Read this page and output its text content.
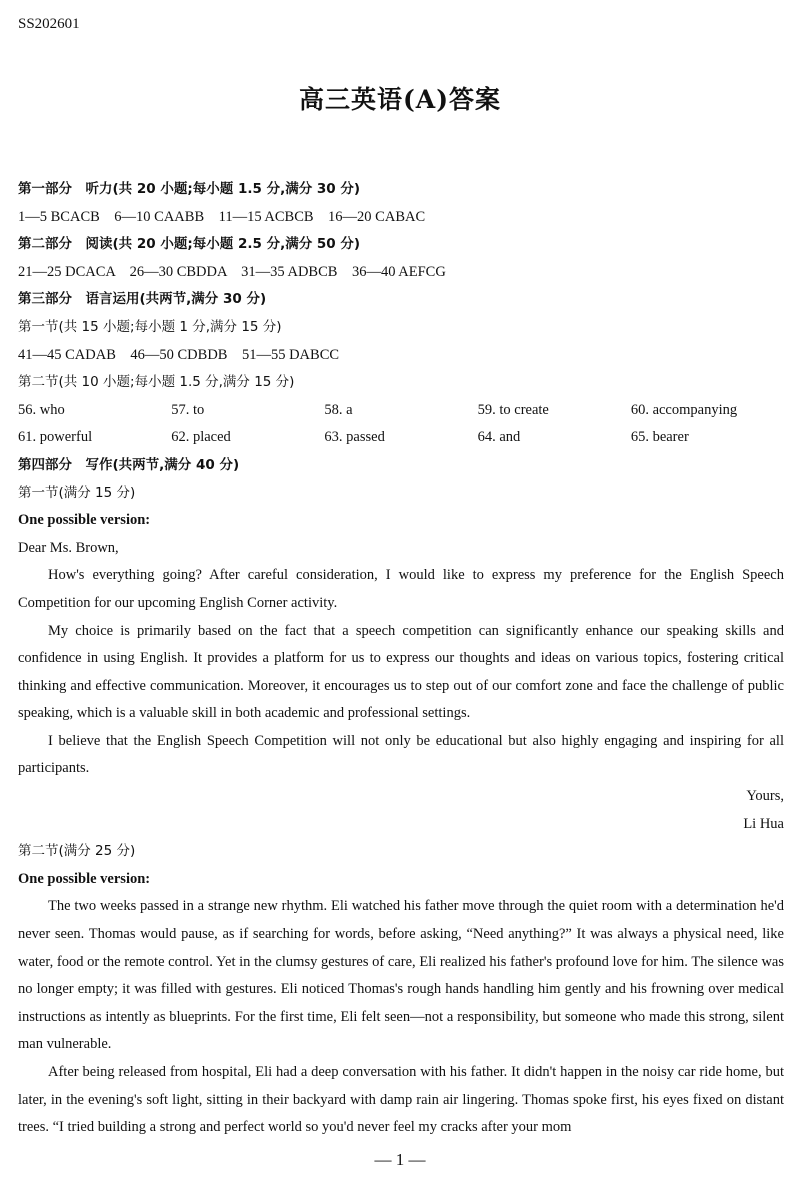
SS202601
高三英语(A)答案

第一部分　听力(共 20 小题;每小题 1.5 分,满分 30 分)

1—5 BCACB　6—10 CAABB　11—15 ACBCB　16—20 CABAC

第二部分　阅读(共 20 小题;每小题 2.5 分,满分 50 分)

21—25 DCACA　26—30 CBDDA　31—35 ADBCB　36—40 AEFCG

第三部分　语言运用(共两节,满分 30 分)

第一节(共 15 小题;每小题 1 分,满分 15 分)

41—45 CADAB　46—50 CDBDB　51—55 DABCC

第二节(共 10 小题;每小题 1.5 分,满分 15 分)

56. who	57. to	58. a	59. to create	60. accompanying
61. powerful	62. placed	63. passed	64. and	65. bearer

第四部分　写作(共两节,满分 40 分)

第一节(满分 15 分)

One possible version:

Dear Ms. Brown,

How's everything going? After careful consideration, I would like to express my preference for the English Speech Competition for our upcoming English Corner activity.

My choice is primarily based on the fact that a speech competition can significantly enhance our speaking skills and confidence in using English. It provides a platform for us to express our thoughts and ideas on various topics, fostering critical thinking and effective communication. Moreover, it encourages us to step out of our comfort zone and face the challenge of public speaking, which is a valuable skill in both academic and professional settings.

I believe that the English Speech Competition will not only be educational but also highly engaging and inspiring for all participants.

Yours,

Li Hua

第二节(满分 25 分)

One possible version:

The two weeks passed in a strange new rhythm. Eli watched his father move through the quiet room with a determination he'd never seen. Thomas would pause, as if searching for words, before asking, “Need anything?” It was always a physical need, like water, food or the remote control. Yet in the clumsy gestures of care, Eli realized his father's profound love for him. The silence was no longer empty; it was filled with gestures. Eli noticed Thomas's rough hands handling him gently and his frowning over medical instructions as intently as blueprints. For the first time, Eli felt seen—not a responsibility, but someone who made this strong, silent man vulnerable.

After being released from hospital, Eli had a deep conversation with his father. It didn't happen in the noisy car ride home, but later, in the evening's soft light, sitting in their backyard with damp rain air lingering. Thomas spoke first, his eyes fixed on distant trees. “I tried building a strong and perfect world so you'd never feel my cracks after your mom

— 1 —
